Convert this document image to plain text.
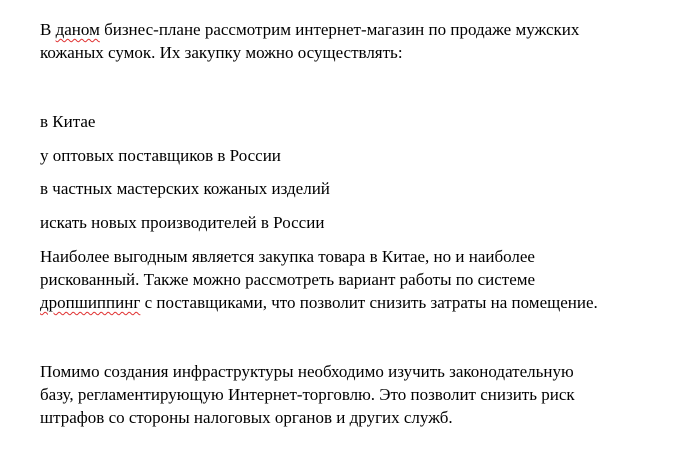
В даном бизнес-плане рассмотрим интернет-магазин по продаже мужских
кожаных сумок. Их закупку можно осуществлять:
в Китае
у оптовых поставщиков в России
в частных мастерских кожаных изделий
искать новых производителей в России
Наиболее выгодным является закупка товара в Китае, но и наиболее
рискованный. Также можно рассмотреть вариант работы по системе
дропшиппинг с поставщиками, что позволит снизить затраты на помещение.
Помимо создания инфраструктуры необходимо изучить законодательную
базу, регламентирующую Интернет-торговлю. Это позволит снизить риск
штрафов со стороны налоговых органов и других служб.
